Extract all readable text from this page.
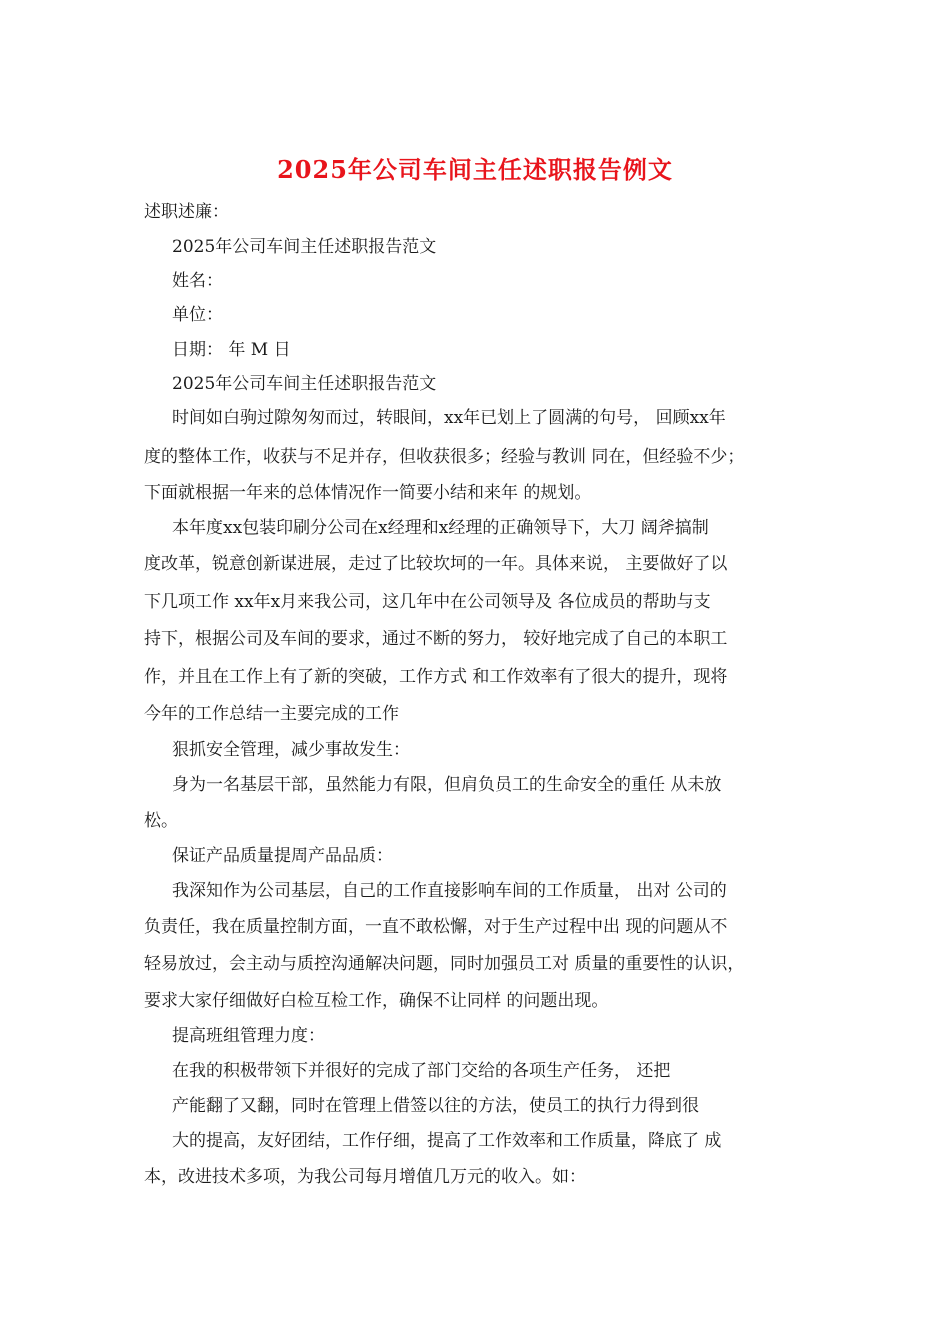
2025年公司车间主任述职报告例文

述职述廉：

2025年公司车间主任述职报告范文

姓名：

单位：

日期： 年 M 日

2025年公司车间主任述职报告范文

时间如白驹过隙匆匆而过，转眼间，xx年已划上了圆满的句号， 回顾xx年

度的整体工作，收获与不足并存，但收获很多；经验与教训 同在，但经验不少；

下面就根据一年来的总体情况作一简要小结和来年 的规划。

本年度xx包装印刷分公司在x经理和x经理的正确领导下，大刀 阔斧搞制

度改革，锐意创新谋进展，走过了比较坎坷的一年。具体来说， 主要做好了以

下几项工作 xx年x月来我公司，这几年中在公司领导及 各位成员的帮助与支

持下，根据公司及车间的要求，通过不断的努力， 较好地完成了自己的本职工

作，并且在工作上有了新的突破，工作方式 和工作效率有了很大的提升，现将

今年的工作总结一主要完成的工作

狠抓安全管理，减少事故发生：

身为一名基层干部，虽然能力有限，但肩负员工的生命安全的重任 从未放

松。

保证产品质量提周产品品质：

我深知作为公司基层，自己的工作直接影响车间的工作质量， 出对 公司的

负责任，我在质量控制方面，一直不敢松懈，对于生产过程中出 现的问题从不

轻易放过，会主动与质控沟通解决问题，同时加强员工对 质量的重要性的认识，

要求大家仔细做好白检互检工作，确保不让同样 的问题出现。

提高班组管理力度：

在我的积极带领下并很好的完成了部门交给的各项生产任务， 还把

产能翻了又翻，同时在管理上借签以往的方法，使员工的执行力得到很

大的提高，友好团结，工作仔细，提高了工作效率和工作质量，降底了 成

本，改进技术多项，为我公司每月增值几万元的收入。如：
